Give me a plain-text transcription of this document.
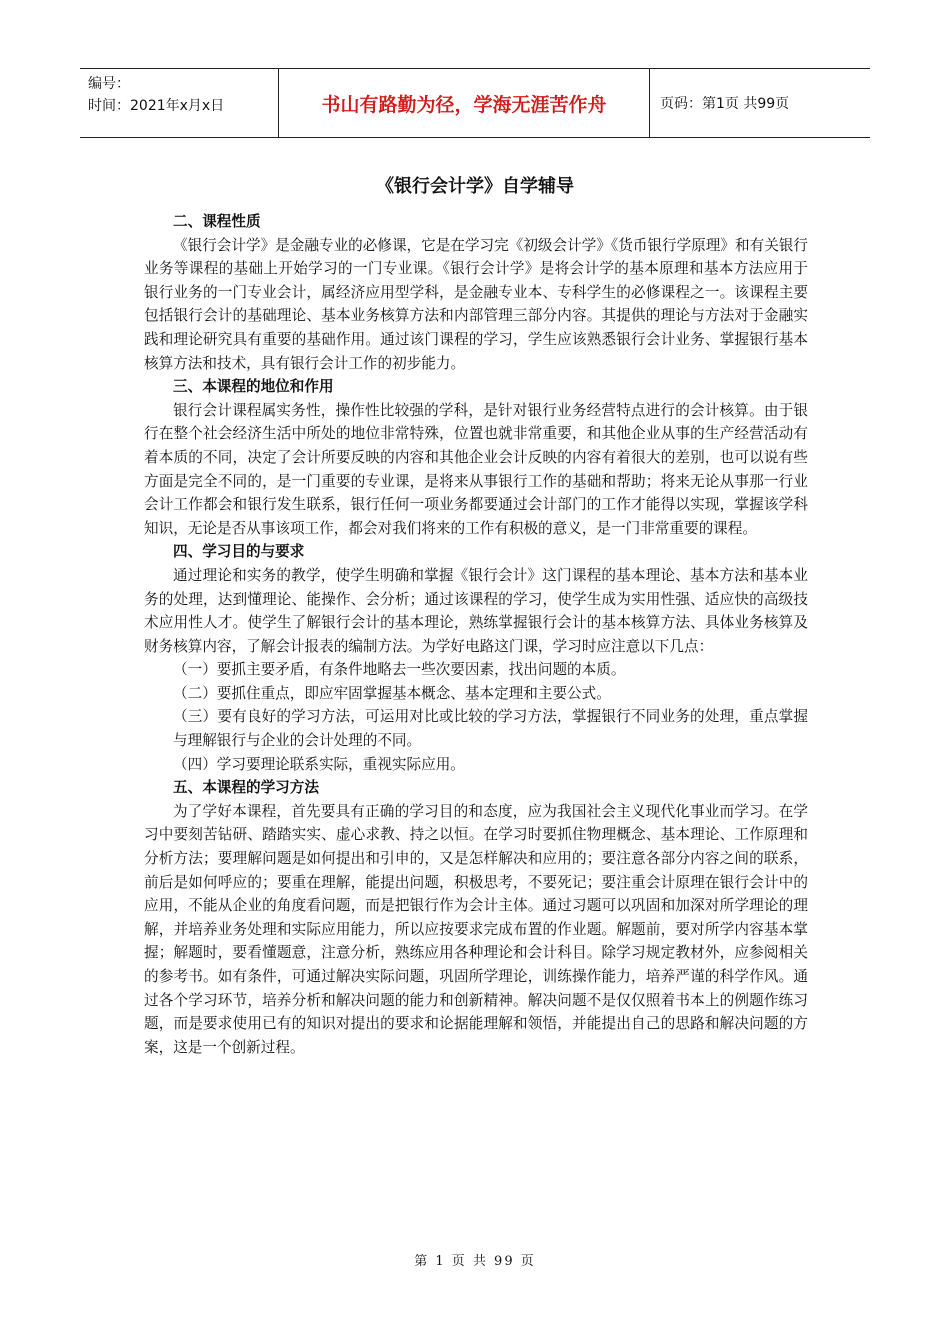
编号：
时间：2021年x月x日	书山有路勤为径，学海无涯苦作舟	页码：第1页 共99页
《银行会计学》自学辅导

二、课程性质

《银行会计学》是金融专业的必修课，它是在学习完《初级会计学》《货币银行学原理》和有关银行业务等课程的基础上开始学习的一门专业课。《银行会计学》是将会计学的基本原理和基本方法应用于银行业务的一门专业会计，属经济应用型学科，是金融专业本、专科学生的必修课程之一。该课程主要包括银行会计的基础理论、基本业务核算方法和内部管理三部分内容。其提供的理论与方法对于金融实践和理论研究具有重要的基础作用。通过该门课程的学习，学生应该熟悉银行会计业务、掌握银行基本核算方法和技术，具有银行会计工作的初步能力。

三、本课程的地位和作用

银行会计课程属实务性，操作性比较强的学科，是针对银行业务经营特点进行的会计核算。由于银行在整个社会经济生活中所处的地位非常特殊，位置也就非常重要，和其他企业从事的生产经营活动有着本质的不同，决定了会计所要反映的内容和其他企业会计反映的内容有着很大的差别，也可以说有些方面是完全不同的，是一门重要的专业课，是将来从事银行工作的基础和帮助；将来无论从事那一行业会计工作都会和银行发生联系，银行任何一项业务都要通过会计部门的工作才能得以实现，掌握该学科知识，无论是否从事该项工作，都会对我们将来的工作有积极的意义，是一门非常重要的课程。

四、学习目的与要求

通过理论和实务的教学，使学生明确和掌握《银行会计》这门课程的基本理论、基本方法和基本业务的处理，达到懂理论、能操作、会分析；通过该课程的学习，使学生成为实用性强、适应快的高级技术应用性人才。使学生了解银行会计的基本理论，熟练掌握银行会计的基本核算方法、具体业务核算及财务核算内容，了解会计报表的编制方法。为学好电路这门课，学习时应注意以下几点：

（一）要抓主要矛盾，有条件地略去一些次要因素，找出问题的本质。

（二）要抓住重点，即应牢固掌握基本概念、基本定理和主要公式。

（三）要有良好的学习方法，可运用对比或比较的学习方法，掌握银行不同业务的处理，重点掌握与理解银行与企业的会计处理的不同。

（四）学习要理论联系实际，重视实际应用。

五、本课程的学习方法

为了学好本课程，首先要具有正确的学习目的和态度，应为我国社会主义现代化事业而学习。在学习中要刻苦钻研、踏踏实实、虚心求教、持之以恒。在学习时要抓住物理概念、基本理论、工作原理和分析方法；要理解问题是如何提出和引申的，又是怎样解决和应用的；要注意各部分内容之间的联系，前后是如何呼应的；要重在理解，能提出问题，积极思考，不要死记；要注重会计原理在银行会计中的应用，不能从企业的角度看问题，而是把银行作为会计主体。通过习题可以巩固和加深对所学理论的理解，并培养业务处理和实际应用能力，所以应按要求完成布置的作业题。解题前，要对所学内容基本掌握；解题时，要看懂题意，注意分析，熟练应用各种理论和会计科目。除学习规定教材外，应参阅相关的参考书。如有条件，可通过解决实际问题，巩固所学理论，训练操作能力，培养严谨的科学作风。通过各个学习环节，培养分析和解决问题的能力和创新精神。解决问题不是仅仅照着书本上的例题作练习题，而是要求使用已有的知识对提出的要求和论据能理解和领悟，并能提出自己的思路和解决问题的方案，这是一个创新过程。

第 1 页 共 99 页
